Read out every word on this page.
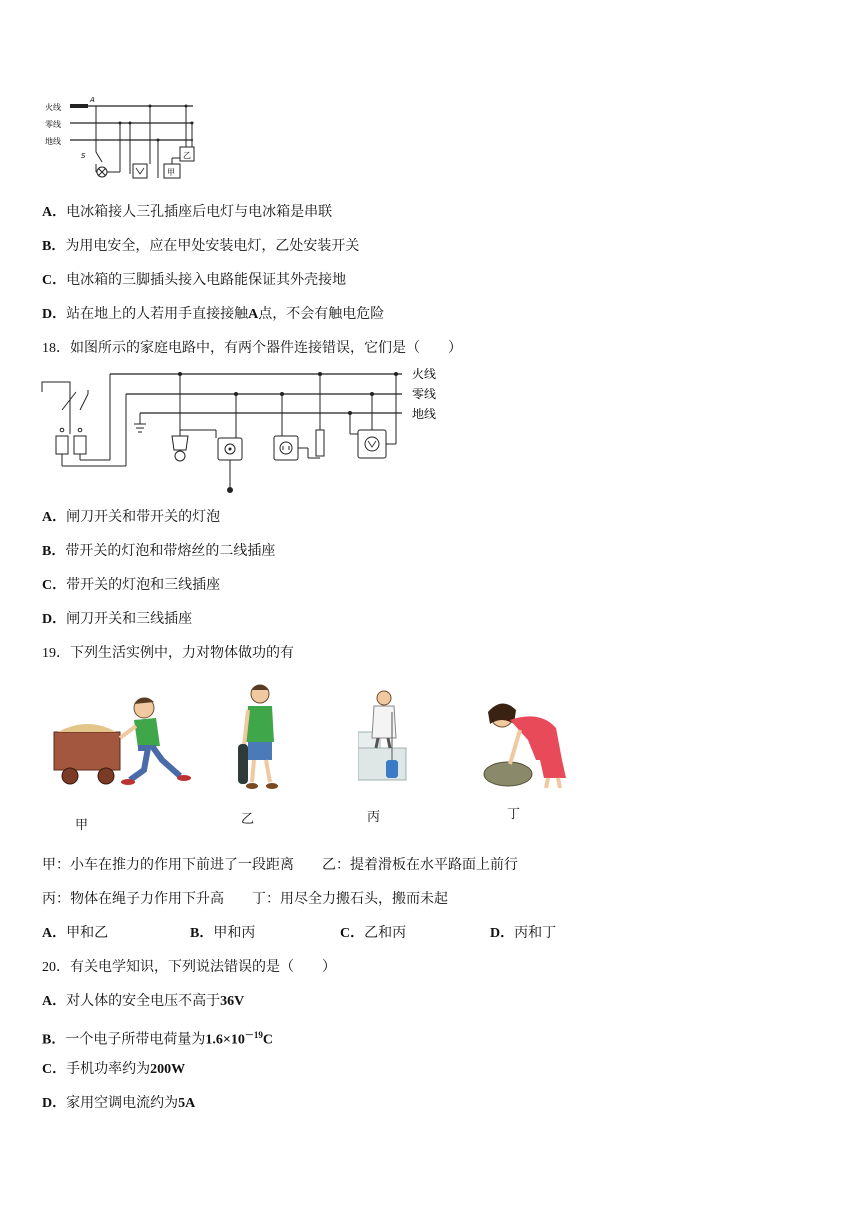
火线
零线
地线
A
S
甲
乙
A．电冰箱接人三孔插座后电灯与电冰箱是串联
B．为用电安全，应在甲处安装电灯，乙处安装开关
C．电冰箱的三脚插头接入电路能保证其外壳接地
D．站在地上的人若用手直接接触A点，不会有触电危险
18．如图所示的家庭电路中，有两个器件连接错误，它们是（　　）
火线
零线
地线
A．闸刀开关和带开关的灯泡
B．带开关的灯泡和带熔丝的二线插座
C．带开关的灯泡和三线插座
D．闸刀开关和三线插座
19．下列生活实例中，力对物体做功的有
甲	乙	丙	丁
甲：小车在推力的作用下前进了一段距离　　乙：提着滑板在水平路面上前行
丙：物体在绳子力作用下升高　　丁：用尽全力搬石头，搬而未起
A．甲和乙	B．甲和丙	C．乙和丙	D．丙和丁
20．有关电学知识，下列说法错误的是（　　）
A．对人体的安全电压不高于36V
B．一个电子所带电荷量为$1.6\times 10^{-19}C$
C．手机功率约为200W
D．家用空调电流约为5A
